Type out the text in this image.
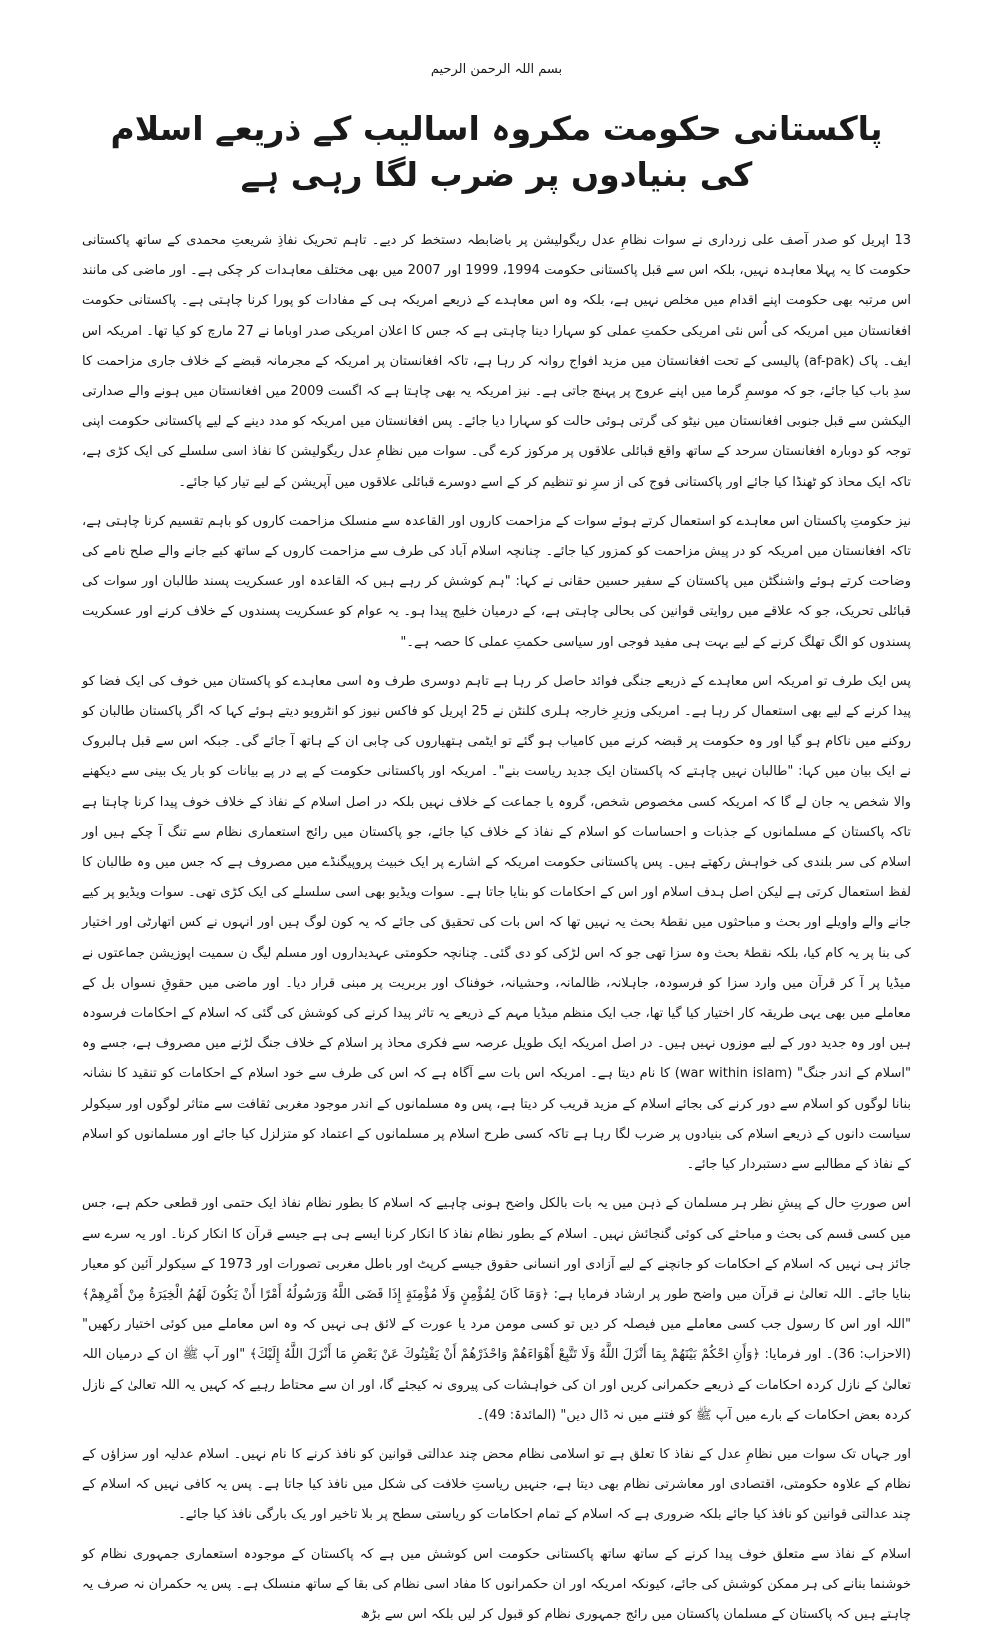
بسم اللہ الرحمن الرحیم
پاکستانی حکومت مکروہ اسالیب کے ذریعے اسلام کی بنیادوں پر ضرب لگا رہی ہے

13 اپریل کو صدر آصف علی زرداری نے سوات نظامِ عدل ریگولیشن پر باضابطہ دستخط کر دیے۔ تاہم تحریک نفاذِ شریعتِ محمدی کے ساتھ پاکستانی حکومت کا یہ پہلا معاہدہ نہیں، بلکہ اس سے قبل پاکستانی حکومت 1994، 1999 اور 2007 میں بھی مختلف معاہدات کر چکی ہے۔ اور ماضی کی مانند اس مرتبہ بھی حکومت اپنے اقدام میں مخلص نہیں ہے، بلکہ وہ اس معاہدے کے ذریعے امریکہ ہی کے مفادات کو پورا کرنا چاہتی ہے۔ پاکستانی حکومت افغانستان میں امریکہ کی اُس نئی امریکی حکمتِ عملی کو سہارا دینا چاہتی ہے کہ جس کا اعلان امریکی صدر اوباما نے 27 مارچ کو کیا تھا۔ امریکہ اس ایف۔ پاک (af-pak) پالیسی کے تحت افغانستان میں مزید افواج روانہ کر رہا ہے، تاکہ افغانستان پر امریکہ کے مجرمانہ قبضے کے خلاف جاری مزاحمت کا سدِ باب کیا جائے، جو کہ موسمِ گرما میں اپنے عروج پر پہنچ جاتی ہے۔ نیز امریکہ یہ بھی چاہتا ہے کہ اگست 2009 میں افغانستان میں ہونے والے صدارتی الیکشن سے قبل جنوبی افغانستان میں نیٹو کی گرتی ہوئی حالت کو سہارا دیا جائے۔ پس افغانستان میں امریکہ کو مدد دینے کے لیے پاکستانی حکومت اپنی توجہ کو دوبارہ افغانستان سرحد کے ساتھ واقع قبائلی علاقوں پر مرکوز کرے گی۔ سوات میں نظامِ عدل ریگولیشن کا نفاذ اسی سلسلے کی ایک کڑی ہے، تاکہ ایک محاذ کو ٹھنڈا کیا جائے اور پاکستانی فوج کی از سرِ نو تنظیم کر کے اسے دوسرے قبائلی علاقوں میں آپریشن کے لیے تیار کیا جائے۔

نیز حکومتِ پاکستان اس معاہدے کو استعمال کرتے ہوئے سوات کے مزاحمت کاروں اور القاعدہ سے منسلک مزاحمت کاروں کو باہم تقسیم کرنا چاہتی ہے، تاکہ افغانستان میں امریکہ کو در پیش مزاحمت کو کمزور کیا جائے۔ چنانچہ اسلام آباد کی طرف سے مزاحمت کاروں کے ساتھ کیے جانے والے صلح نامے کی وضاحت کرتے ہوئے واشنگٹن میں پاکستان کے سفیر حسین حقانی نے کہا: "ہم کوشش کر رہے ہیں کہ القاعدہ اور عسکریت پسند طالبان اور سوات کی قبائلی تحریک، جو کہ علاقے میں روایتی قوانین کی بحالی چاہتی ہے، کے درمیان خلیج پیدا ہو۔ یہ عوام کو عسکریت پسندوں کے خلاف کرنے اور عسکریت پسندوں کو الگ تھلگ کرنے کے لیے بہت ہی مفید فوجی اور سیاسی حکمتِ عملی کا حصہ ہے۔"

پس ایک طرف تو امریکہ اس معاہدے کے ذریعے جنگی فوائد حاصل کر رہا ہے تاہم دوسری طرف وہ اسی معاہدے کو پاکستان میں خوف کی ایک فضا کو پیدا کرنے کے لیے بھی استعمال کر رہا ہے۔ امریکی وزیرِ خارجہ ہلری کلنٹن نے 25 اپریل کو فاکس نیوز کو انٹرویو دیتے ہوئے کہا کہ اگر پاکستان طالبان کو روکنے میں ناکام ہو گیا اور وہ حکومت پر قبضہ کرنے میں کامیاب ہو گئے تو ایٹمی ہتھیاروں کی چابی ان کے ہاتھ آ جائے گی۔ جبکہ اس سے قبل ہالبروک نے ایک بیان میں کہا: "طالبان نہیں چاہتے کہ پاکستان ایک جدید ریاست بنے"۔ امریکہ اور پاکستانی حکومت کے پے در پے بیانات کو بار یک بینی سے دیکھنے والا شخص یہ جان لے گا کہ امریکہ کسی مخصوص شخص، گروہ یا جماعت کے خلاف نہیں بلکہ در اصل اسلام کے نفاذ کے خلاف خوف پیدا کرنا چاہتا ہے تاکہ پاکستان کے مسلمانوں کے جذبات و احساسات کو اسلام کے نفاذ کے خلاف کیا جائے، جو پاکستان میں رائج استعماری نظام سے تنگ آ چکے ہیں اور اسلام کی سر بلندی کی خواہش رکھتے ہیں۔ پس پاکستانی حکومت امریکہ کے اشارے پر ایک خبیث پروپیگنڈے میں مصروف ہے کہ جس میں وہ طالبان کا لفظ استعمال کرتی ہے لیکن اصل ہدف اسلام اور اس کے احکامات کو بنایا جاتا ہے۔ سوات ویڈیو بھی اسی سلسلے کی ایک کڑی تھی۔ سوات ویڈیو پر کیے جانے والے واویلے اور بحث و مباحثوں میں نقطۂ بحث یہ نہیں تھا کہ اس بات کی تحقیق کی جائے کہ یہ کون لوگ ہیں اور انہوں نے کس اتھارٹی اور اختیار کی بنا پر یہ کام کیا، بلکہ نقطۂ بحث وہ سزا تھی جو کہ اس لڑکی کو دی گئی۔ چنانچہ حکومتی عہدیداروں اور مسلم لیگ ن سمیت اپوزیشن جماعتوں نے میڈیا پر آ کر قرآن میں وارد سزا کو فرسودہ، جاہلانہ، ظالمانہ، وحشیانہ، خوفناک اور بربریت پر مبنی قرار دیا۔ اور ماضی میں حقوقِ نسواں بل کے معاملے میں بھی یہی طریقہ کار اختیار کیا گیا تھا، جب ایک منظم میڈیا مہم کے ذریعے یہ تاثر پیدا کرنے کی کوشش کی گئی کہ اسلام کے احکامات فرسودہ ہیں اور وہ جدید دور کے لیے موزوں نہیں ہیں۔ در اصل امریکہ ایک طویل عرصہ سے فکری محاذ پر اسلام کے خلاف جنگ لڑنے میں مصروف ہے، جسے وہ "اسلام کے اندر جنگ" (war within islam) کا نام دیتا ہے۔ امریکہ اس بات سے آگاہ ہے کہ اس کی طرف سے خود اسلام کے احکامات کو تنقید کا نشانہ بنانا لوگوں کو اسلام سے دور کرنے کی بجائے اسلام کے مزید قریب کر دیتا ہے، پس وہ مسلمانوں کے اندر موجود مغربی ثقافت سے متاثر لوگوں اور سیکولر سیاست دانوں کے ذریعے اسلام کی بنیادوں پر ضرب لگا رہا ہے تاکہ کسی طرح اسلام پر مسلمانوں کے اعتماد کو متزلزل کیا جائے اور مسلمانوں کو اسلام کے نفاذ کے مطالبے سے دستبردار کیا جائے۔

اس صورتِ حال کے پیشِ نظر ہر مسلمان کے ذہن میں یہ بات بالکل واضح ہونی چاہیے کہ اسلام کا بطور نظام نفاذ ایک حتمی اور قطعی حکم ہے، جس میں کسی قسم کی بحث و مباحثے کی کوئی گنجائش نہیں۔ اسلام کے بطور نظام نفاذ کا انکار کرنا ایسے ہی ہے جیسے قرآن کا انکار کرنا۔ اور یہ سرے سے جائز ہی نہیں کہ اسلام کے احکامات کو جانچنے کے لیے آزادی اور انسانی حقوق جیسے کرپٹ اور باطل مغربی تصورات اور 1973 کے سیکولر آئین کو معیار بنایا جائے۔ اللہ تعالیٰ نے قرآن میں واضح طور پر ارشاد فرمایا ہے: ﴿وَمَا كَانَ لِمُؤْمِنٍ وَلَا مُؤْمِنَةٍ إِذَا قَضَى اللَّهُ وَرَسُولُهُ أَمْرًا أَنْ يَكُونَ لَهُمُ الْخِيَرَةُ مِنْ أَمْرِهِمْ﴾ "اللہ اور اس کا رسول جب کسی معاملے میں فیصلہ کر دیں تو کسی مومن مرد یا عورت کے لائق ہی نہیں کہ وہ اس معاملے میں کوئی اختیار رکھیں" (الاحزاب: 36)۔ اور فرمایا: ﴿وَأَنِ احْكُمْ بَيْنَهُمْ بِمَا أَنْزَلَ اللَّهُ وَلَا تَتَّبِعْ أَهْوَاءَهُمْ وَاحْذَرْهُمْ أَنْ يَفْتِنُوكَ عَنْ بَعْضِ مَا أَنْزَلَ اللَّهُ إِلَيْكَ﴾ "اور آپ ﷺ ان کے درمیان اللہ تعالیٰ کے نازل کردہ احکامات کے ذریعے حکمرانی کریں اور ان کی خواہشات کی پیروی نہ کیجئے گا، اور ان سے محتاط رہیے کہ کہیں یہ اللہ تعالیٰ کے نازل کردہ بعض احکامات کے بارے میں آپ ﷺ کو فتنے میں نہ ڈال دیں" (المائدۃ: 49)۔

اور جہاں تک سوات میں نظامِ عدل کے نفاذ کا تعلق ہے تو اسلامی نظام محض چند عدالتی قوانین کو نافذ کرنے کا نام نہیں۔ اسلام عدلیہ اور سزاؤں کے نظام کے علاوہ حکومتی، اقتصادی اور معاشرتی نظام بھی دیتا ہے، جنہیں ریاستِ خلافت کی شکل میں نافذ کیا جاتا ہے۔ پس یہ کافی نہیں کہ اسلام کے چند عدالتی قوانین کو نافذ کیا جائے بلکہ ضروری ہے کہ اسلام کے تمام احکامات کو ریاستی سطح پر بلا تاخیر اور یک بارگی نافذ کیا جائے۔

اسلام کے نفاذ سے متعلق خوف پیدا کرنے کے ساتھ ساتھ پاکستانی حکومت اس کوشش میں ہے کہ پاکستان کے موجودہ استعماری جمہوری نظام کو خوشنما بنانے کی ہر ممکن کوشش کی جائے، کیونکہ امریکہ اور ان حکمرانوں کا مفاد اسی نظام کی بقا کے ساتھ منسلک ہے۔ پس یہ حکمران نہ صرف یہ چاہتے ہیں کہ پاکستان کے مسلمان پاکستان میں رائج جمہوری نظام کو قبول کر لیں بلکہ اس سے بڑھ
